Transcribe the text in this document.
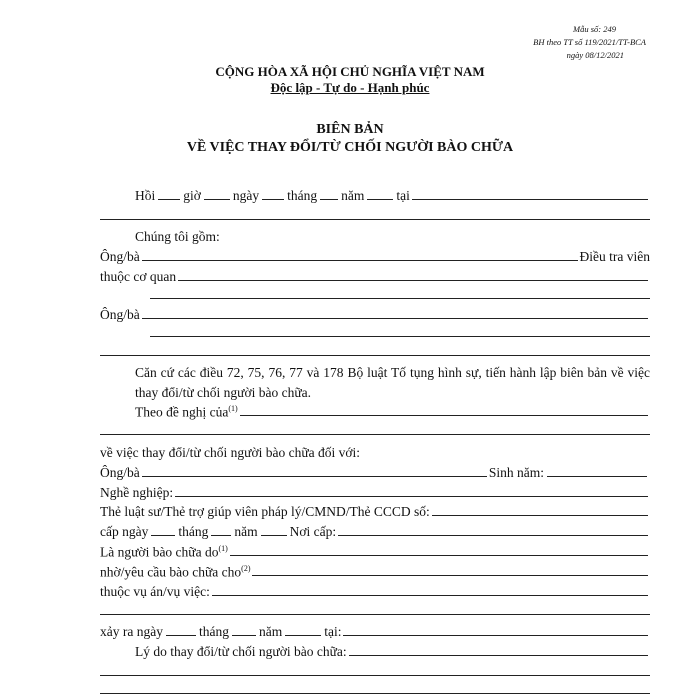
Mẫu số: 249
BH theo TT số 119/2021/TT-BCA
ngày 08/12/2021
CỘNG HÒA XÃ HỘI CHỦ NGHĨA VIỆT NAM
Độc lập - Tự do - Hạnh phúc
BIÊN BẢN
VỀ VIỆC THAY ĐỔI/TỪ CHỐI NGƯỜI BÀO CHỮA
Hồi giờ ngày tháng năm tại
Chúng tôi gồm:
Ông/bà	Điều tra viên
thuộc cơ quan
Ông/bà
Căn cứ các điều 72, 75, 76, 77 và 178 Bộ luật Tố tụng hình sự, tiến hành lập biên bản về việc thay đổi/từ chối người bào chữa.
Theo đề nghị của$^{(1)}$
về việc thay đổi/từ chối người bào chữa đối với:
Ông/bà	Sinh năm:
Nghề nghiệp:
Thẻ luật sư/Thẻ trợ giúp viên pháp lý/CMND/Thẻ CCCD số:
cấp ngày tháng năm Nơi cấp:
Là người bào chữa $do^{(1)}$
nhờ/yêu cầu bào chữa cho$^{(2)}$
thuộc vụ án/vụ việc:
xảy ra ngày	tháng năm	tại:
Lý do thay đổi/từ chối người bào chữa:
